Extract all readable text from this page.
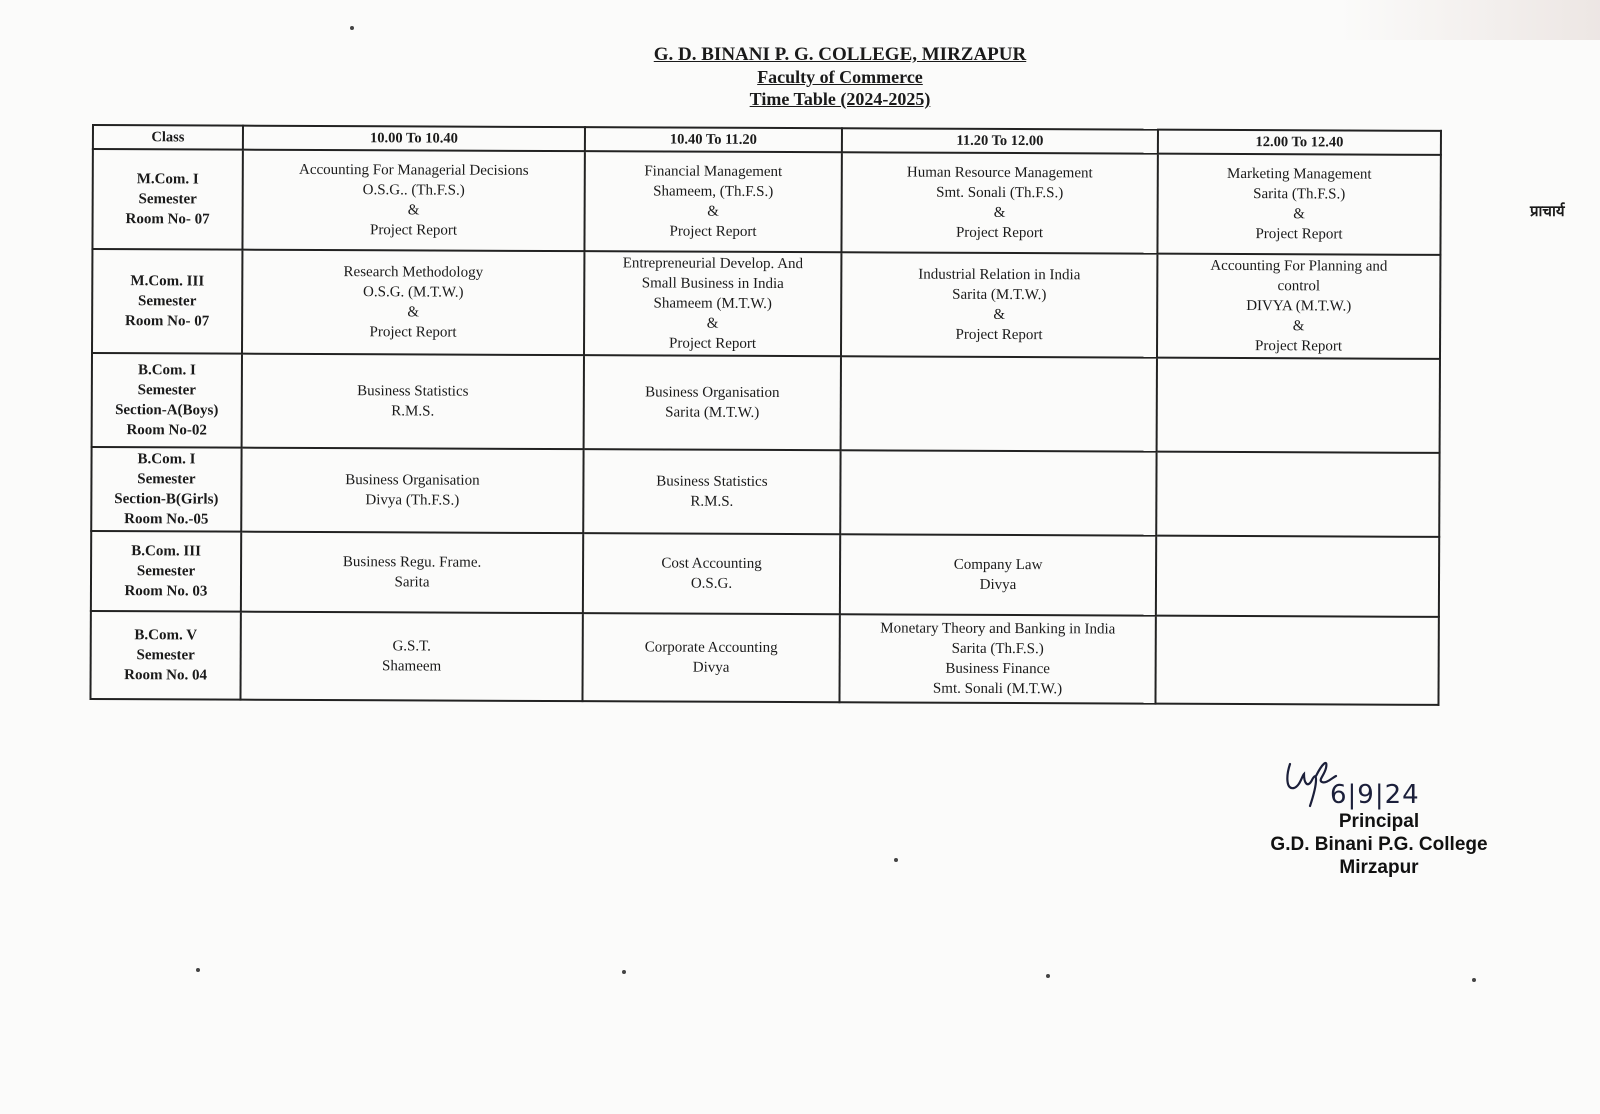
G. D. BINANI P. G. COLLEGE, MIRZAPUR
Faculty of Commerce
Time Table (2024-2025)
Class	10.00 To 10.40	10.40 To 11.20	11.20 To 12.00	12.00 To 12.40

M.Com. I
Semester
Room No- 07	Accounting For Managerial Decisions
O.S.G.. (Th.F.S.)
&
Project Report	Financial Management
Shameem, (Th.F.S.)
&
Project Report	Human Resource Management
Smt. Sonali (Th.F.S.)
&
Project Report	Marketing Management
Sarita (Th.F.S.)
&
Project Report

M.Com. III
Semester
Room No- 07	Research Methodology
O.S.G. (M.T.W.)
&
Project Report	Entrepreneurial Develop. And
Small Business in India
Shameem (M.T.W.)
&
Project Report	Industrial Relation in India
Sarita (M.T.W.)
&
Project Report	Accounting For Planning and
control
DIVYA (M.T.W.)
&
Project Report

B.Com. I
Semester
Section-A(Boys)
Room No-02	Business Statistics
R.M.S.	Business Organisation
Sarita (M.T.W.)		

B.Com. I
Semester
Section-B(Girls)
Room No.-05	Business Organisation
Divya (Th.F.S.)	Business Statistics
R.M.S.		

B.Com. III
Semester
Room No. 03	Business Regu. Frame.
Sarita	Cost Accounting
O.S.G.	Company Law
Divya	

B.Com. V
Semester
Room No. 04	G.S.T.
Shameem	Corporate Accounting
Divya	Monetary Theory and Banking in India
Sarita (Th.F.S.)
Business Finance
Smt. Sonali (M.T.W.)	

प्राचार्य
6|9|24
Principal
G.D. Binani P.G. College
Mirzapur
